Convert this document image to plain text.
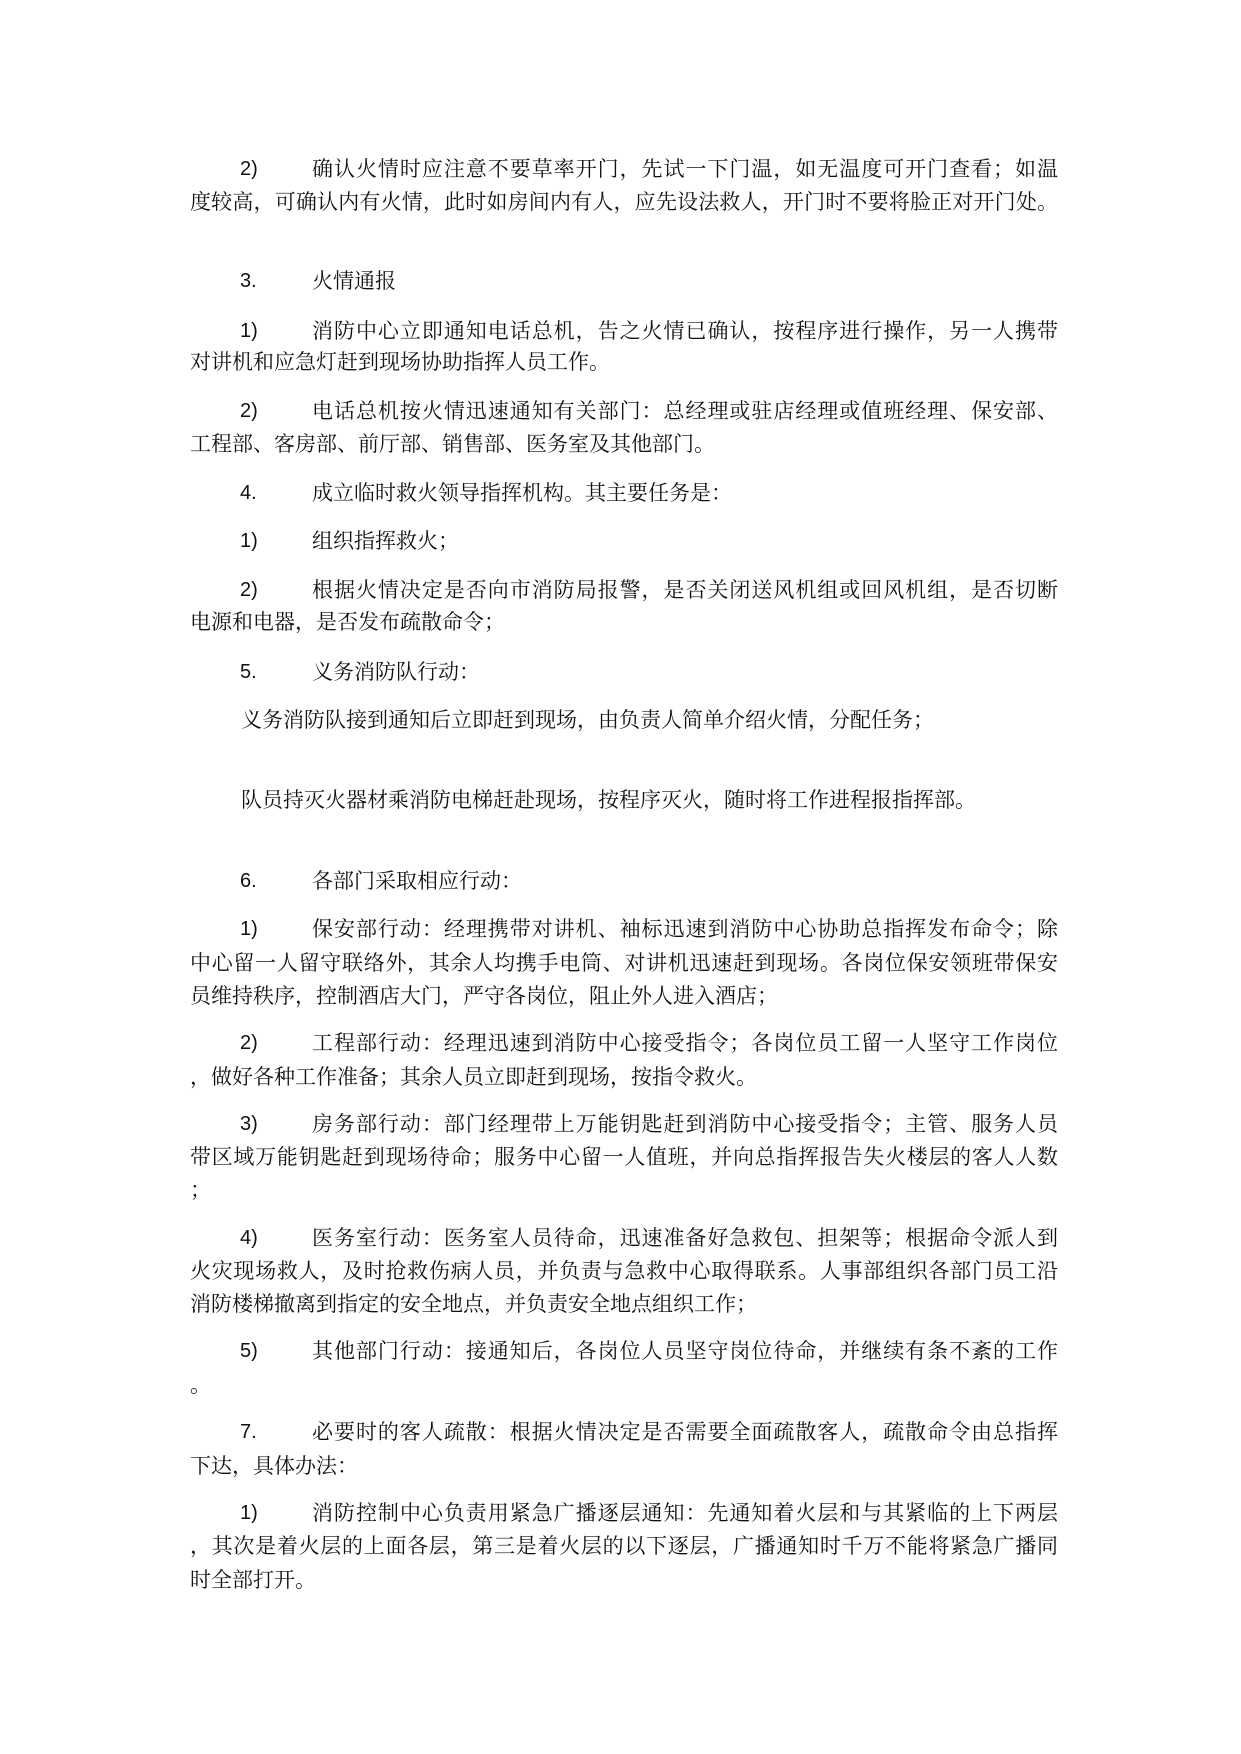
2)	确认火情时应注意不要草率开门，先试一下门温，如无温度可开门查看；如温
度较高，可确认内有火情，此时如房间内有人，应先设法救人，开门时不要将脸正对开门处。
3.	火情通报
1)	消防中心立即通知电话总机，告之火情已确认，按程序进行操作，另一人携带
对讲机和应急灯赶到现场协助指挥人员工作。
2)	电话总机按火情迅速通知有关部门：总经理或驻店经理或值班经理、保安部、
工程部、客房部、前厅部、销售部、医务室及其他部门。
4.	成立临时救火领导指挥机构。其主要任务是：
1)	组织指挥救火；
2)	根据火情决定是否向市消防局报警，是否关闭送风机组或回风机组，是否切断
电源和电器，是否发布疏散命令；
5.	义务消防队行动：
义务消防队接到通知后立即赶到现场，由负责人简单介绍火情，分配任务；
队员持灭火器材乘消防电梯赶赴现场，按程序灭火，随时将工作进程报指挥部。
6.	各部门采取相应行动：
1)	保安部行动：经理携带对讲机、袖标迅速到消防中心协助总指挥发布命令；除
中心留一人留守联络外，其余人均携手电筒、对讲机迅速赶到现场。各岗位保安领班带保安
员维持秩序，控制酒店大门，严守各岗位，阻止外人进入酒店；
2)	工程部行动：经理迅速到消防中心接受指令；各岗位员工留一人坚守工作岗位
，做好各种工作准备；其余人员立即赶到现场，按指令救火。
3)	房务部行动：部门经理带上万能钥匙赶到消防中心接受指令；主管、服务人员
带区域万能钥匙赶到现场待命；服务中心留一人值班，并向总指挥报告失火楼层的客人人数
；
4)	医务室行动：医务室人员待命，迅速准备好急救包、担架等；根据命令派人到
火灾现场救人，及时抢救伤病人员，并负责与急救中心取得联系。人事部组织各部门员工沿
消防楼梯撤离到指定的安全地点，并负责安全地点组织工作；
5)	其他部门行动：接通知后，各岗位人员坚守岗位待命，并继续有条不紊的工作
。
7.	必要时的客人疏散：根据火情决定是否需要全面疏散客人，疏散命令由总指挥
下达，具体办法：
1)	消防控制中心负责用紧急广播逐层通知：先通知着火层和与其紧临的上下两层
，其次是着火层的上面各层，第三是着火层的以下逐层，广播通知时千万不能将紧急广播同
时全部打开。
